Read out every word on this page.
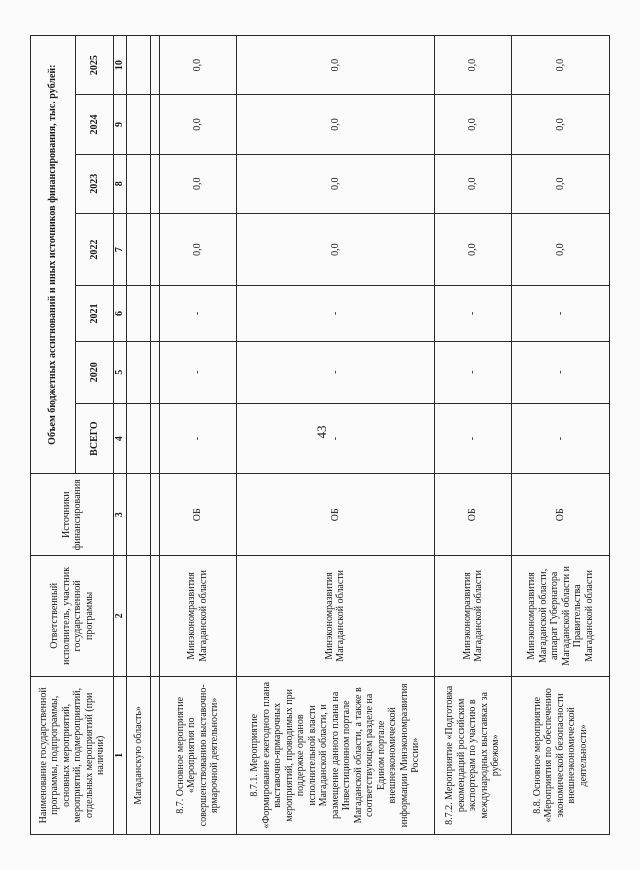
43
Наименование государственной программы, подпрограммы, основных мероприятий, мероприятий, подмероприятий, отдельных мероприятий (при наличии)	Ответственный исполнитель, участник государственной программы	Источники финансирования	Объем бюджетных ассигнований и иных источников финансирования, тыс. рублей:						
			ВСЕГО	2020	2021	2022	2023	2024	2025
1	2	3	4	5	6	7	8	9	10
Магаданскую область»									

8.7. Основное мероприятие «Мероприятия по совершенствованию выставочно-ярмарочной деятельности»	Минэкономразвития Магаданской области	ОБ	-	-	-	0,0	0,0	0,0	0,0
8.7.1. Мероприятие «Формирование ежегодного плана выставочно-ярмарочных мероприятий, проводимых при поддержке органов исполнительной власти Магаданской области, и размещение данного плана на Инвестиционном портале Магаданской области, а также в соответствующем разделе на Едином портале внешнеэкономической информации Минэкономразвития России»	Минэкономразвития Магаданской области	ОБ	-	-	-	0,0	0,0	0,0	0,0
8.7.2. Мероприятие «Подготовка рекомендаций российским экспортерам по участию в международных выставках за рубежом»	Минэкономразвития Магаданской области	ОБ	-	-	-	0,0	0,0	0,0	0,0
8.8. Основное мероприятие «Мероприятия по обеспечению экономической безопасности внешнеэкономической деятельности»	Минэкономразвития Магаданской области, аппарат Губернатора Магаданской области и Правительства Магаданской области	ОБ	-	-	-	0,0	0,0	0,0	0,0
